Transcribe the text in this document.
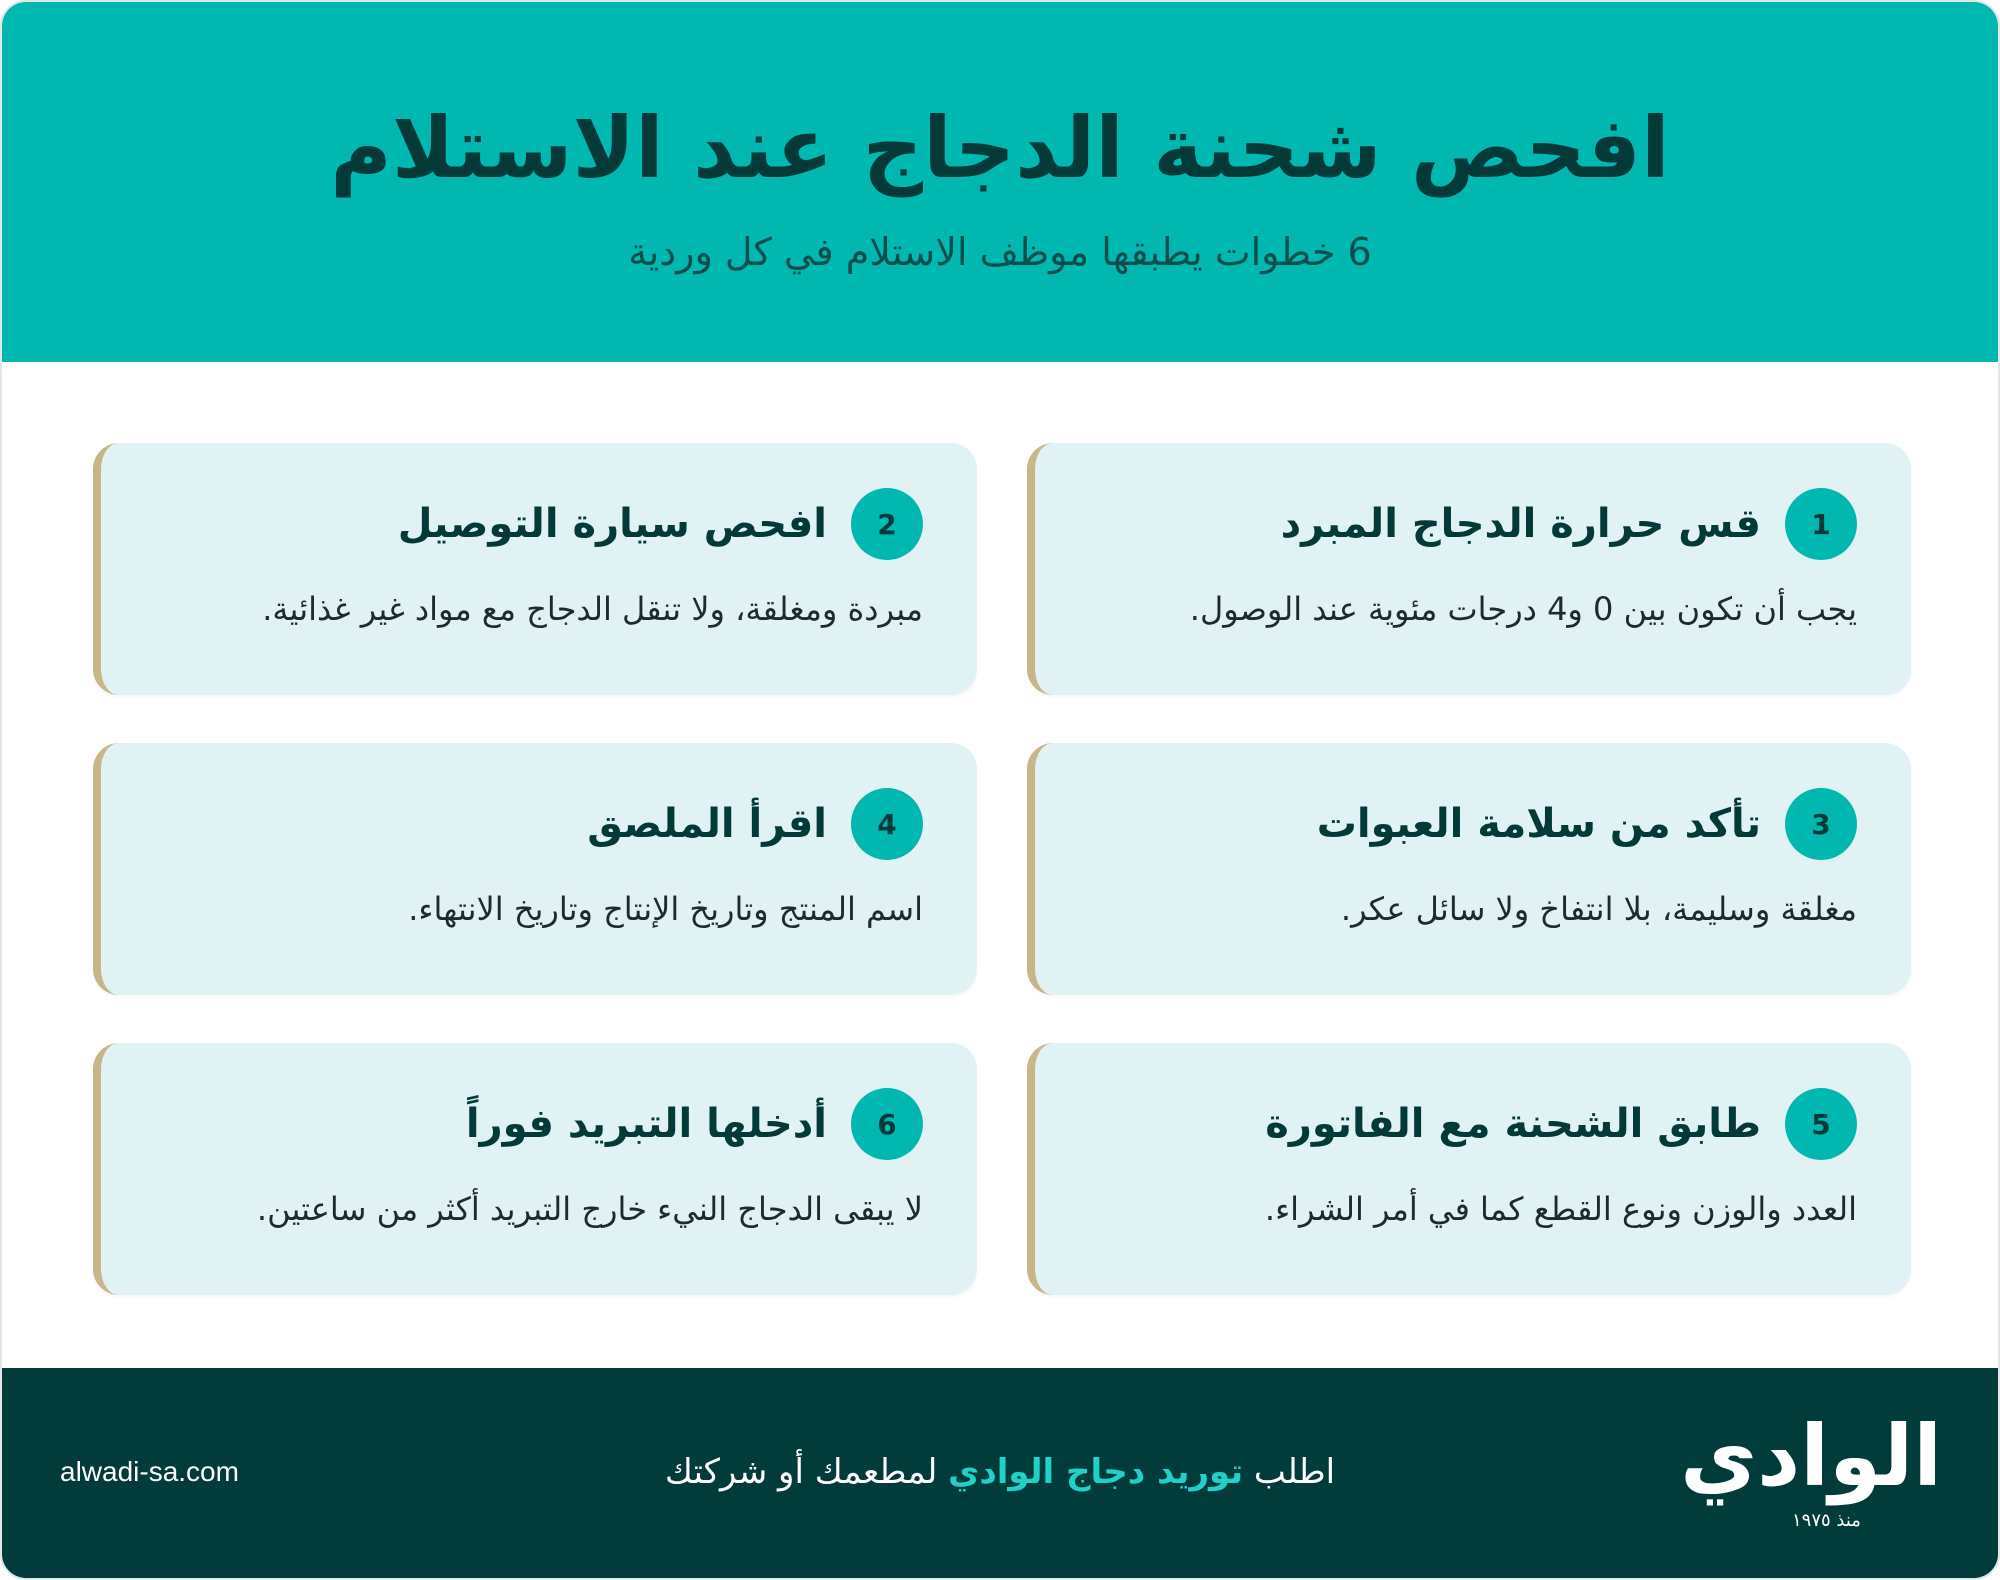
افحص شحنة الدجاج عند الاستلام

6 خطوات يطبقها موظف الاستلام في كل وردية

1
قس حرارة الدجاج المبرد
يجب أن تكون بين 0 و4 درجات مئوية عند الوصول.
2
افحص سيارة التوصيل
مبردة ومغلقة، ولا تنقل الدجاج مع مواد غير غذائية.
3
تأكد من سلامة العبوات
مغلقة وسليمة، بلا انتفاخ ولا سائل عكر.
4
اقرأ الملصق
اسم المنتج وتاريخ الإنتاج وتاريخ الانتهاء.
5
طابق الشحنة مع الفاتورة
العدد والوزن ونوع القطع كما في أمر الشراء.
6
أدخلها التبريد فوراً
لا يبقى الدجاج النيء خارج التبريد أكثر من ساعتين.
الوادي
منذ ١٩٧٥

اطلب توريد دجاج الوادي لمطعمك أو شركتك

alwadi-sa.com
